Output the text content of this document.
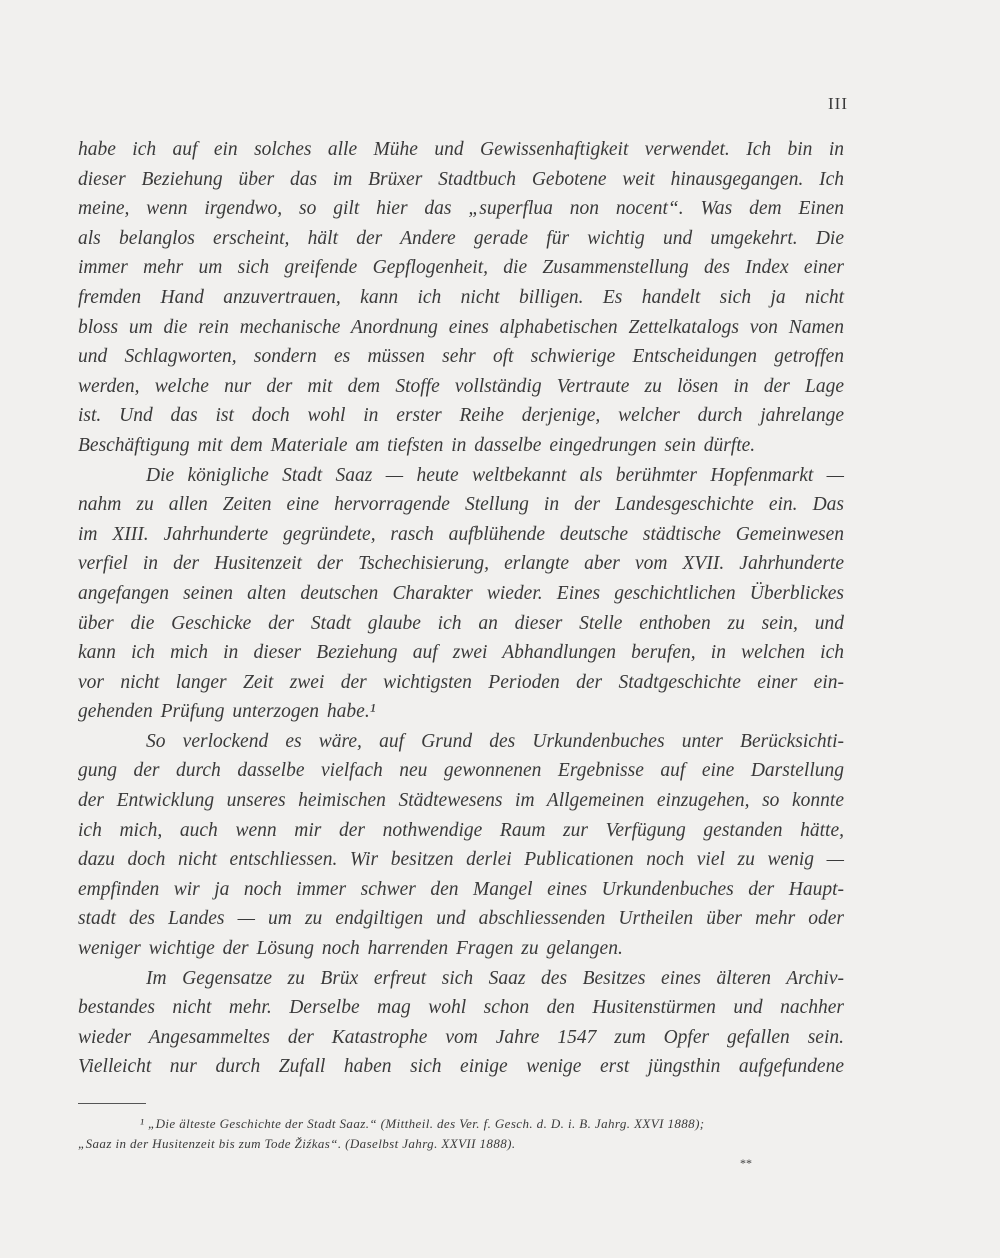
III
habe ich auf ein solches alle Mühe und Gewissenhaftigkeit verwendet. Ich bin in
dieser Beziehung über das im Brüxer Stadtbuch Gebotene weit hinausgegangen. Ich
meine, wenn irgendwo, so gilt hier das „superflua non nocent“. Was dem Einen
als belanglos erscheint, hält der Andere gerade für wichtig und umgekehrt. Die
immer mehr um sich greifende Gepflogenheit, die Zusammenstellung des Index einer
fremden Hand anzuvertrauen, kann ich nicht billigen. Es handelt sich ja nicht
bloss um die rein mechanische Anordnung eines alphabetischen Zettelkatalogs von Namen
und Schlagworten, sondern es müssen sehr oft schwierige Entscheidungen getroffen
werden, welche nur der mit dem Stoffe vollständig Vertraute zu lösen in der Lage
ist. Und das ist doch wohl in erster Reihe derjenige, welcher durch jahrelange
Beschäftigung mit dem Materiale am tiefsten in dasselbe eingedrungen sein dürfte.
Die königliche Stadt Saaz — heute weltbekannt als berühmter Hopfenmarkt —
nahm zu allen Zeiten eine hervorragende Stellung in der Landesgeschichte ein. Das
im XIII. Jahrhunderte gegründete, rasch aufblühende deutsche städtische Gemeinwesen
verfiel in der Husitenzeit der Tschechisierung, erlangte aber vom XVII. Jahrhunderte
angefangen seinen alten deutschen Charakter wieder. Eines geschichtlichen Überblickes
über die Geschicke der Stadt glaube ich an dieser Stelle enthoben zu sein, und
kann ich mich in dieser Beziehung auf zwei Abhandlungen berufen, in welchen ich
vor nicht langer Zeit zwei der wichtigsten Perioden der Stadtgeschichte einer ein-
gehenden Prüfung unterzogen habe.¹
So verlockend es wäre, auf Grund des Urkundenbuches unter Berücksichti-
gung der durch dasselbe vielfach neu gewonnenen Ergebnisse auf eine Darstellung
der Entwicklung unseres heimischen Städtewesens im Allgemeinen einzugehen, so konnte
ich mich, auch wenn mir der nothwendige Raum zur Verfügung gestanden hätte,
dazu doch nicht entschliessen. Wir besitzen derlei Publicationen noch viel zu wenig —
empfinden wir ja noch immer schwer den Mangel eines Urkundenbuches der Haupt-
stadt des Landes — um zu endgiltigen und abschliessenden Urtheilen über mehr oder
weniger wichtige der Lösung noch harrenden Fragen zu gelangen.
Im Gegensatze zu Brüx erfreut sich Saaz des Besitzes eines älteren Archiv-
bestandes nicht mehr. Derselbe mag wohl schon den Husitenstürmen und nachher
wieder Angesammeltes der Katastrophe vom Jahre 1547 zum Opfer gefallen sein.
Vielleicht nur durch Zufall haben sich einige wenige erst jüngsthin aufgefundene
¹ „Die älteste Geschichte der Stadt Saaz.“ (Mittheil. des Ver. f. Gesch. d. D. i. B. Jahrg. XXVI 1888);
„Saaz in der Husitenzeit bis zum Tode Žiźkas“. (Daselbst Jahrg. XXVII 1888).
**
